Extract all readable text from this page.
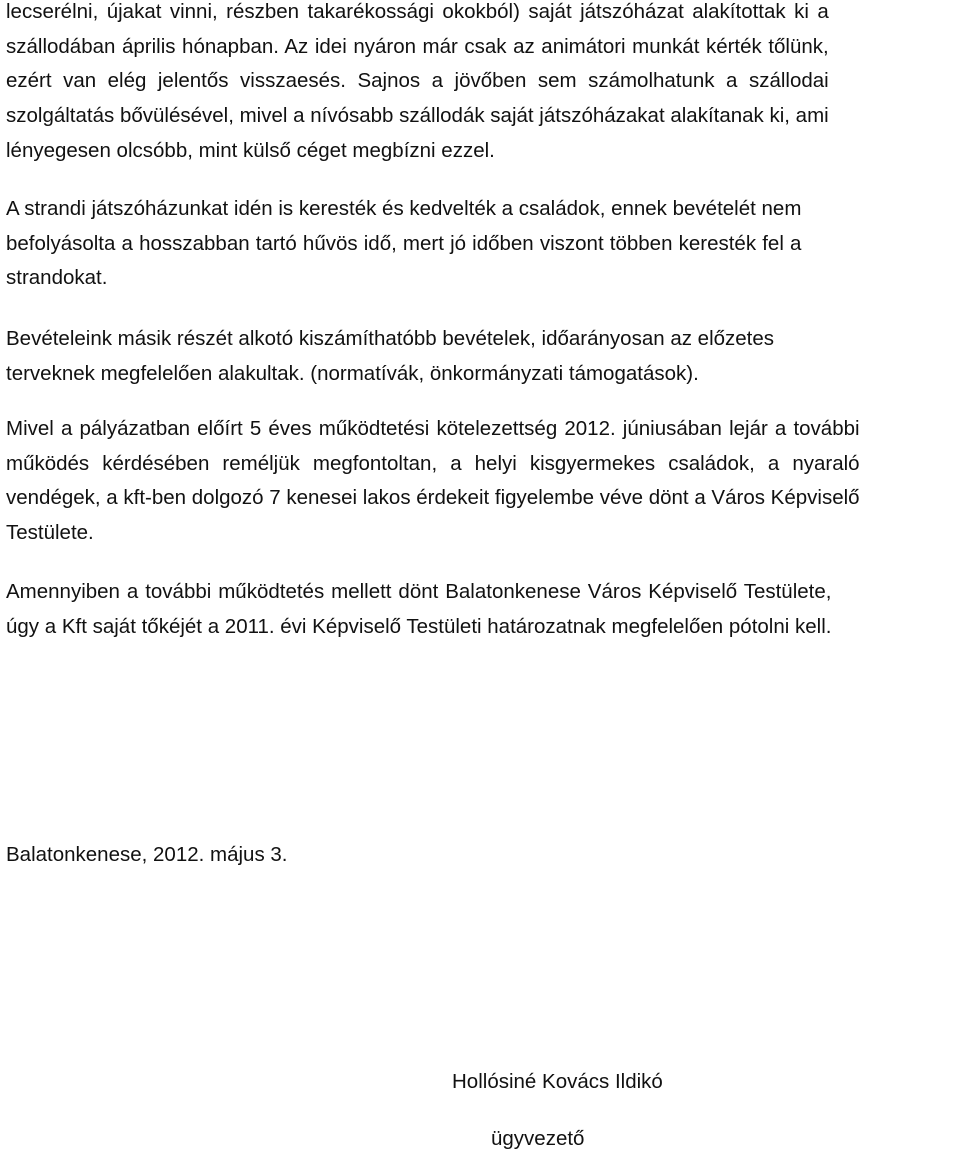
lecserélni, újakat vinni, részben takarékossági okokból) saját játszóházat alakítottak ki a
szállodában április hónapban. Az idei nyáron már csak az animátori munkát kérték tőlünk,
ezért van elég jelentős visszaesés. Sajnos a jövőben sem számolhatunk a szállodai
szolgáltatás bővülésével, mivel a nívósabb szállodák saját játszóházakat alakítanak ki, ami
lényegesen olcsóbb, mint külső céget megbízni ezzel.
A strandi játszóházunkat idén is keresték és kedvelték a családok, ennek bevételét nem
befolyásolta a hosszabban tartó hűvös idő, mert jó időben viszont többen keresték fel a
strandokat.
Bevételeink másik részét alkotó kiszámíthatóbb bevételek, időarányosan az előzetes
terveknek megfelelően alakultak. (normatívák, önkormányzati támogatások).
Mivel a pályázatban előírt 5 éves működtetési kötelezettség 2012. júniusában lejár a további
működés kérdésében reméljük megfontoltan, a helyi kisgyermekes családok, a nyaraló
vendégek, a kft-ben dolgozó 7 kenesei lakos érdekeit figyelembe véve dönt a Város Képviselő
Testülete.
Amennyiben a további működtetés mellett dönt Balatonkenese Város Képviselő Testülete,
úgy a Kft saját tőkéjét a 2011. évi Képviselő Testületi határozatnak megfelelően pótolni kell.
Balatonkenese, 2012. május 3.
Hollósiné Kovács Ildikó
ügyvezető
